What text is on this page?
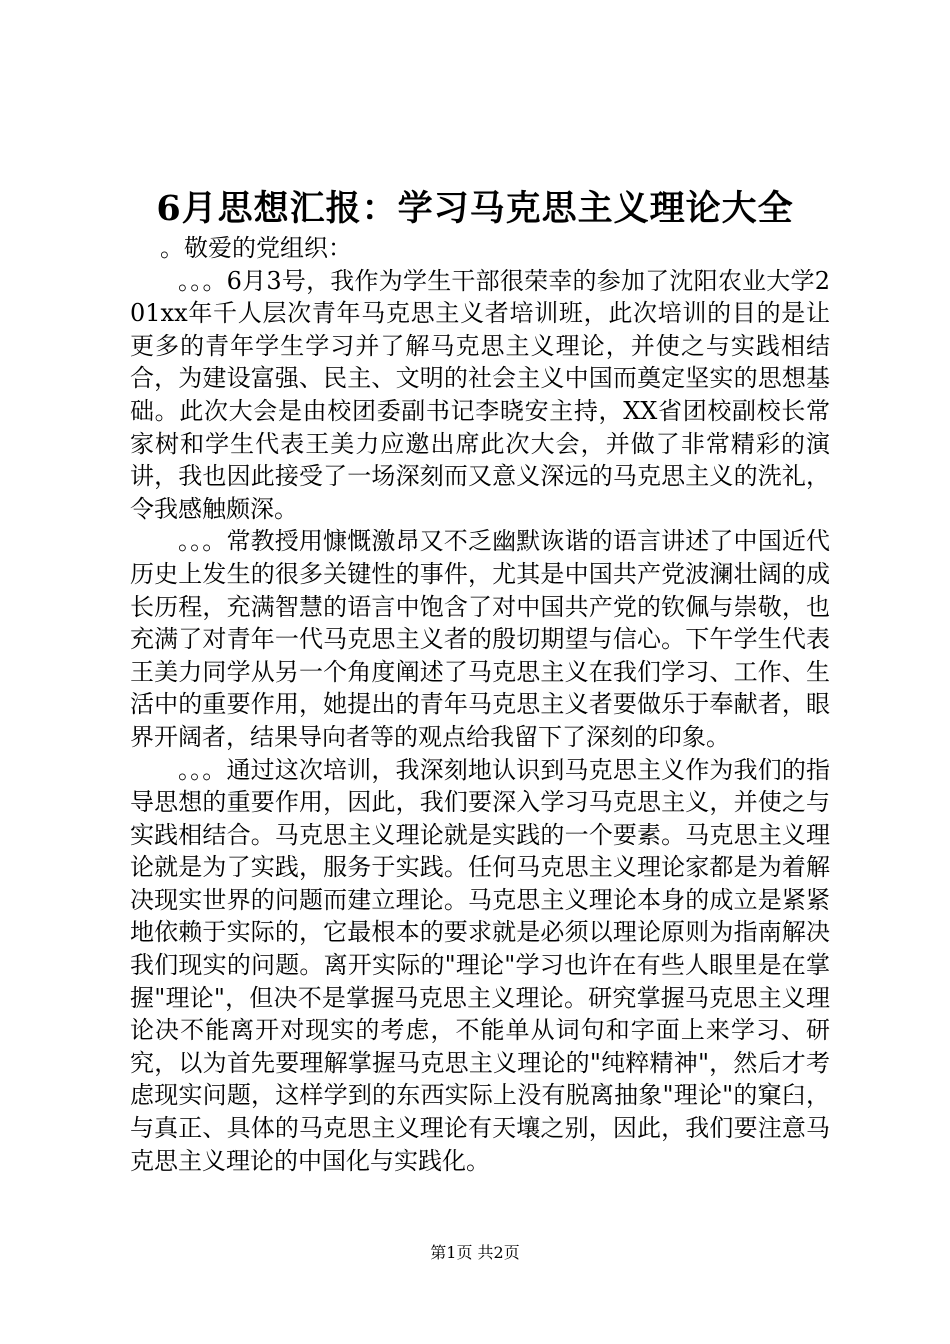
6月思想汇报：学习马克思主义理论大全

。敬爱的党组织：

。。。6月3号，我作为学生干部很荣幸的参加了沈阳农业大学201xx年千人层次青年马克思主义者培训班，此次培训的目的是让更多的青年学生学习并了解马克思主义理论，并使之与实践相结合，为建设富强、民主、文明的社会主义中国而奠定坚实的思想基础。此次大会是由校团委副书记李晓安主持，XX省团校副校长常家树和学生代表王美力应邀出席此次大会，并做了非常精彩的演讲，我也因此接受了一场深刻而又意义深远的马克思主义的洗礼，令我感触颇深。

。。。常教授用慷慨激昂又不乏幽默诙谐的语言讲述了中国近代历史上发生的很多关键性的事件，尤其是中国共产党波澜壮阔的成长历程，充满智慧的语言中饱含了对中国共产党的钦佩与崇敬，也充满了对青年一代马克思主义者的殷切期望与信心。下午学生代表王美力同学从另一个角度阐述了马克思主义在我们学习、工作、生活中的重要作用，她提出的青年马克思主义者要做乐于奉献者，眼界开阔者，结果导向者等的观点给我留下了深刻的印象。

。。。通过这次培训，我深刻地认识到马克思主义作为我们的指导思想的重要作用，因此，我们要深入学习马克思主义，并使之与实践相结合。马克思主义理论就是实践的一个要素。马克思主义理论就是为了实践，服务于实践。任何马克思主义理论家都是为着解决现实世界的问题而建立理论。马克思主义理论本身的成立是紧紧地依赖于实际的，它最根本的要求就是必须以理论原则为指南解决我们现实的问题。离开实际的"理论"学习也许在有些人眼里是在掌握"理论"，但决不是掌握马克思主义理论。研究掌握马克思主义理论决不能离开对现实的考虑，不能单从词句和字面上来学习、研究，以为首先要理解掌握马克思主义理论的"纯粹精神"，然后才考虑现实问题，这样学到的东西实际上没有脱离抽象"理论"的窠臼，与真正、具体的马克思主义理论有天壤之别，因此，我们要注意马克思主义理论的中国化与实践化。

第1页 共2页
